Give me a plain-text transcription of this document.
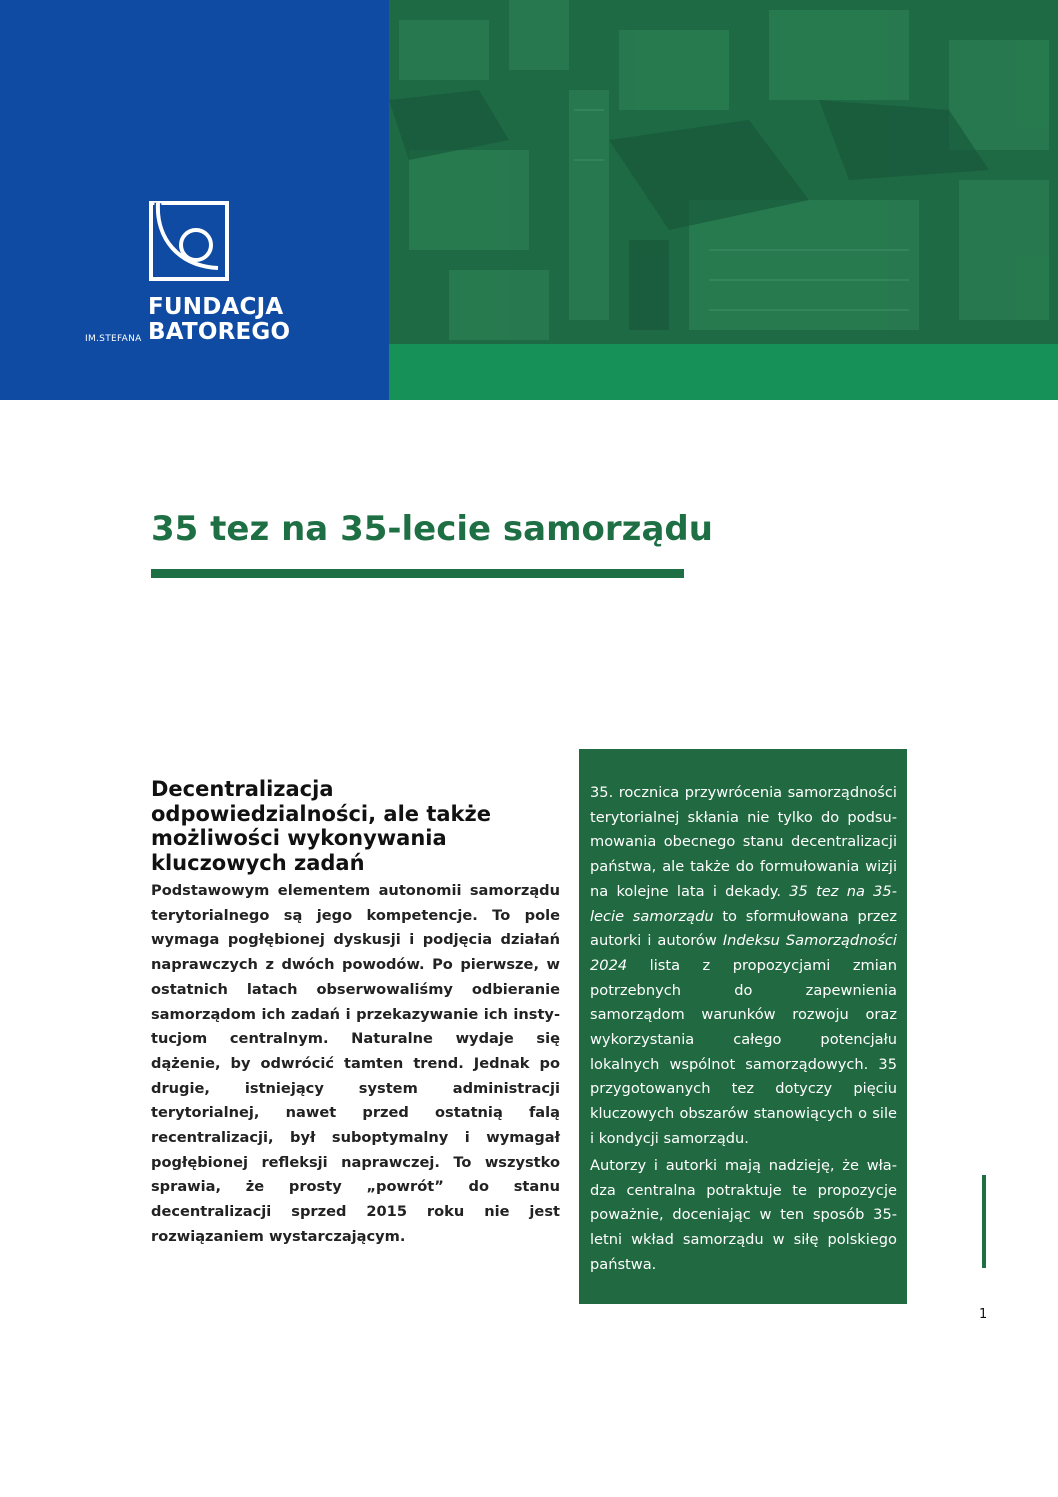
FUNDACJA
BATOREGO
IM.STEFANA
35 tez na 35-lecie samorządu
Decentralizacja odpowiedzialności, ale także możliwości wykonywania kluczowych zadań

Podstawowym elementem autonomii samorządu terytorialnego są jego kompetencje. To pole wymaga pogłębionej dyskusji i podjęcia działań naprawczych z dwóch powodów. Po pierwsze, w ostatnich latach obserwowaliśmy odbieranie samorządom ich zadań i przekazywanie ich instytucjom centralnym. Naturalne wydaje się dążenie, by odwrócić tamten trend. Jednak po drugie, istniejący system administracji terytorialnej, nawet przed ostatnią falą recentralizacji, był suboptymalny i wymagał pogłębionej refleksji naprawczej. To wszystko sprawia, że prosty „powrót” do stanu decentralizacji sprzed 2015 roku nie jest rozwiązaniem wystarczającym.

35. rocznica przywrócenia samorządności terytorialnej skłania nie tylko do podsumowania obecnego stanu decentralizacji państwa, ale także do formułowania wizji na kolejne lata i dekady. 35 tez na 35-lecie samorządu to sformułowana przez autorki i autorów Indeksu Samorządności 2024 lista z propozycjami zmian potrzebnych do zapewnienia samorządom warunków rozwoju oraz wykorzystania całego potencjału lokalnych wspólnot samorządowych. 35 przygotowanych tez dotyczy pięciu kluczowych obszarów stanowiących o sile i kondycji samorządu.

Autorzy i autorki mają nadzieję, że władza centralna potraktuje te propozycje poważnie, doceniając w ten sposób 35-letni wkład samorządu w siłę polskiego państwa.

1
